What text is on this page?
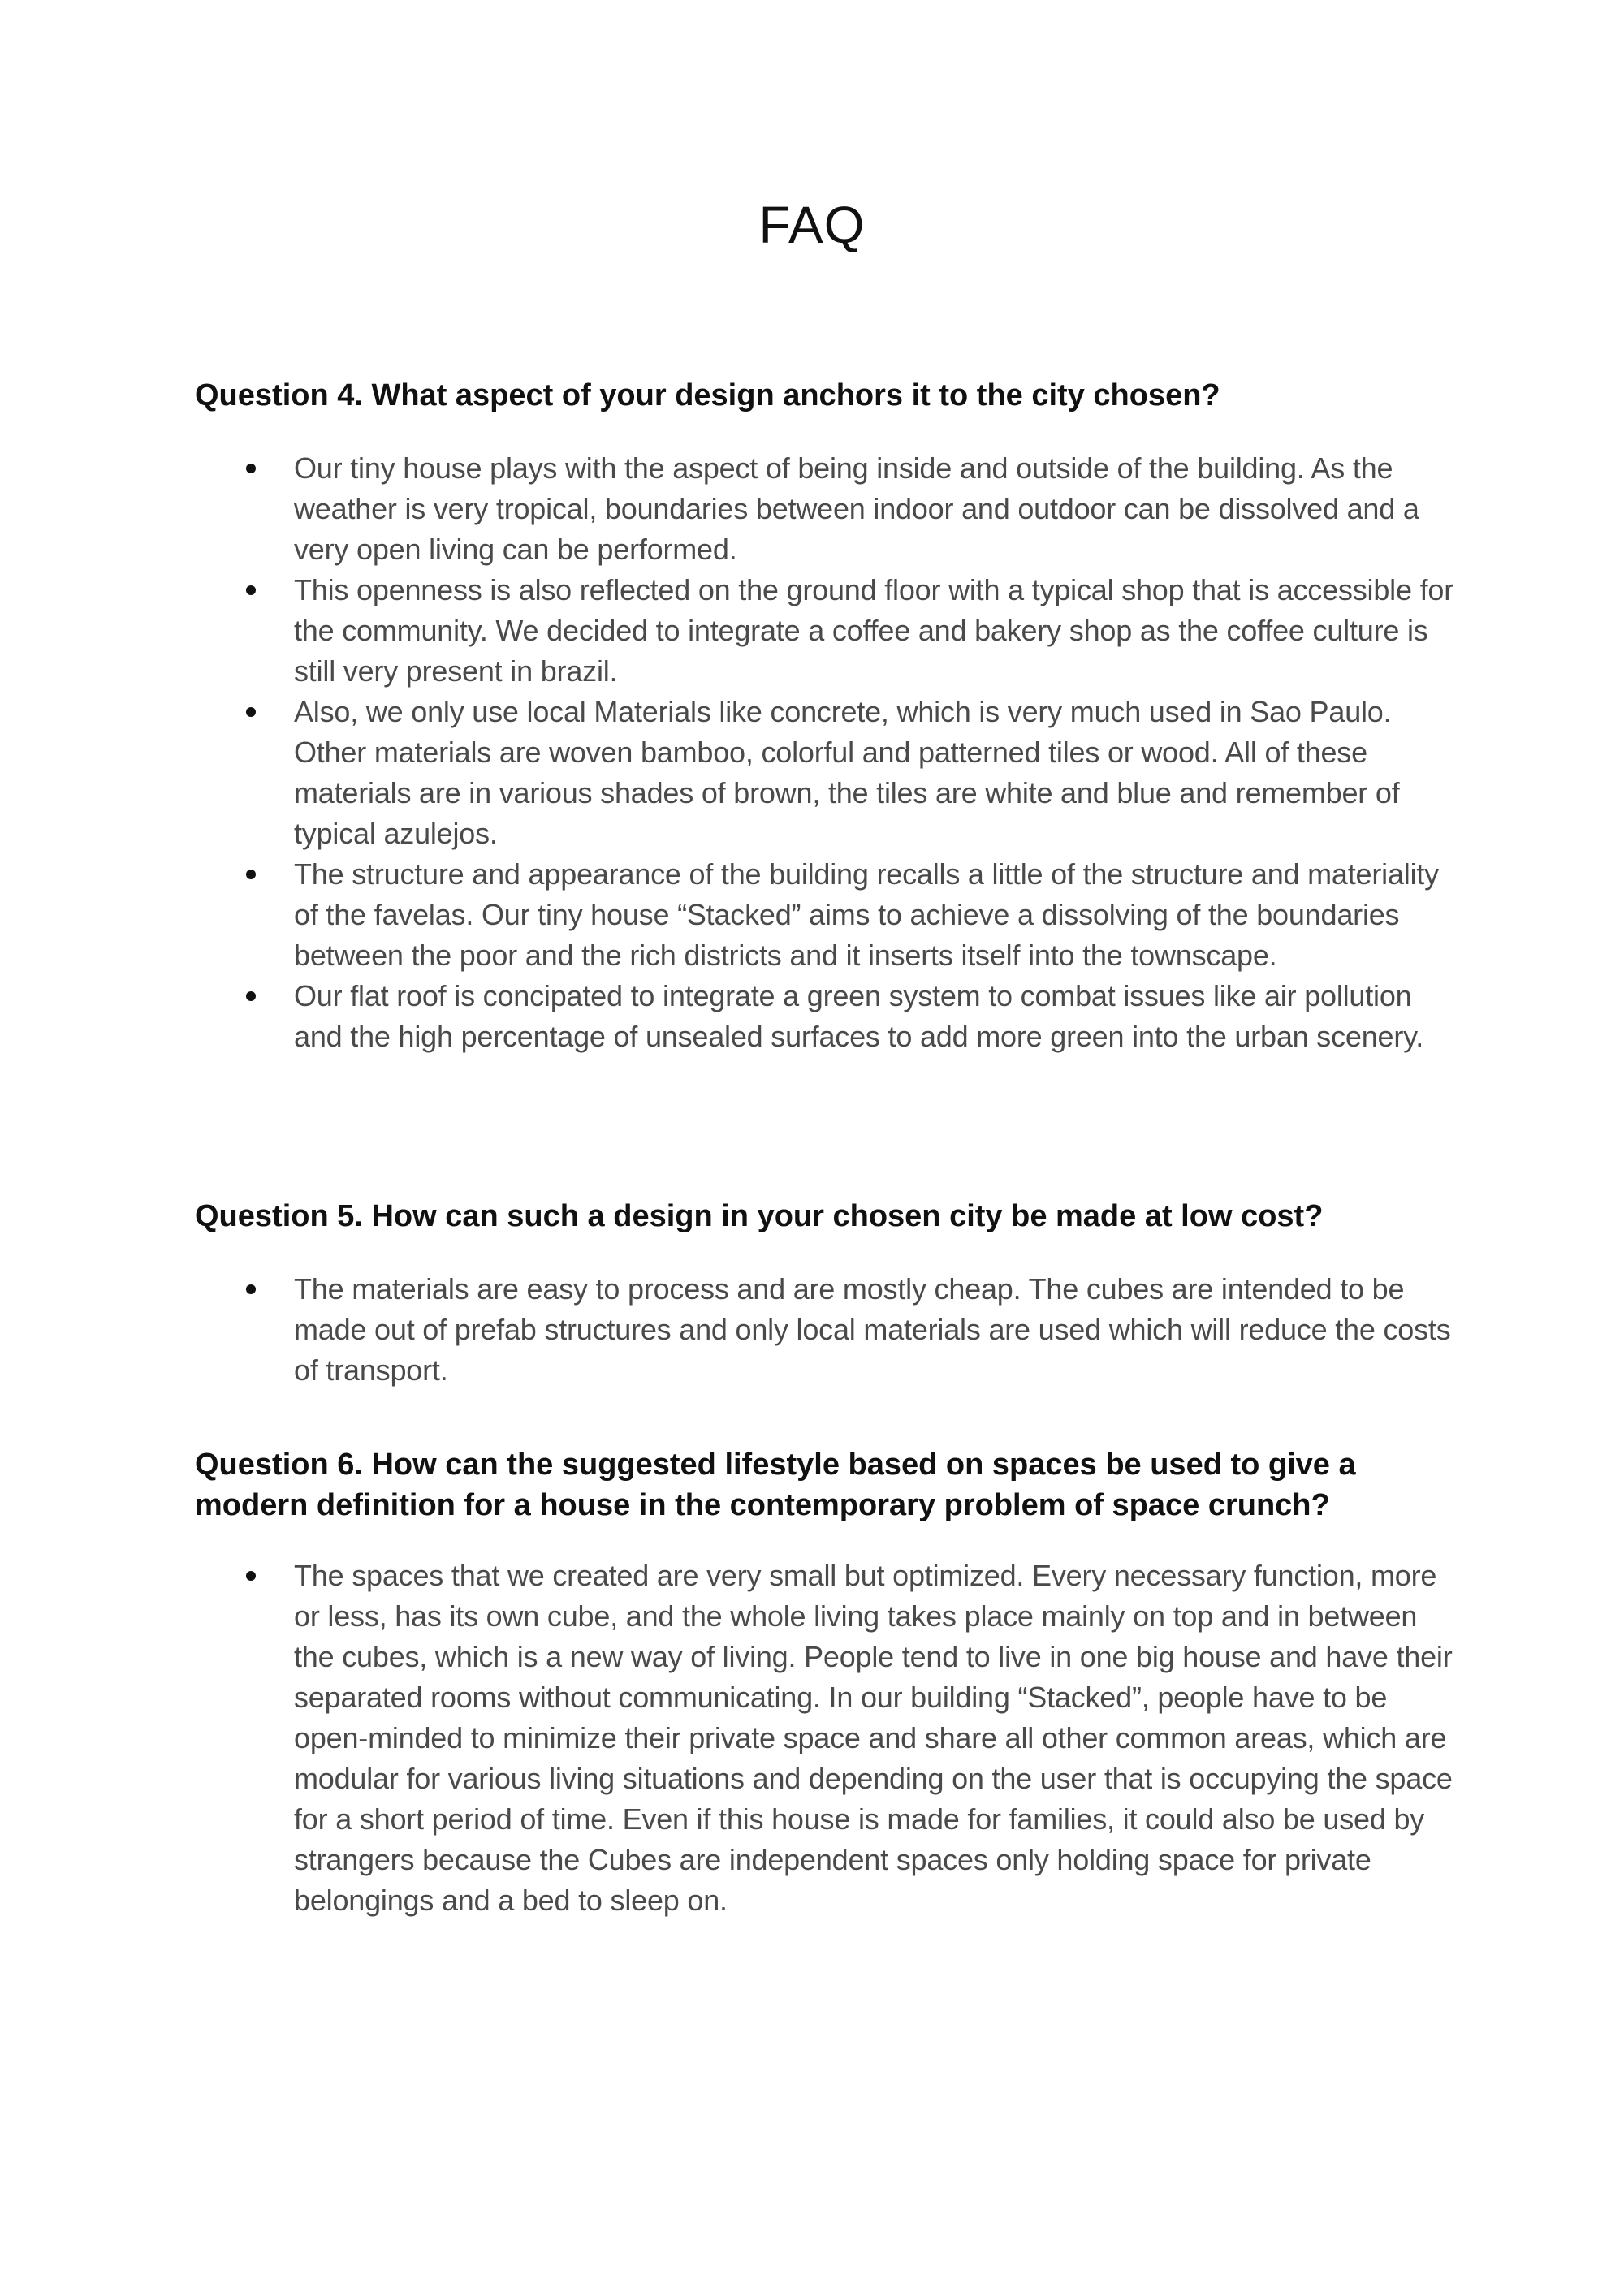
FAQ
Question 4. What aspect of your design anchors it to the city chosen?
Our tiny house plays with the aspect of being inside and outside of the building. As the weather is very tropical, boundaries between indoor and outdoor can be dissolved and a very open living can be performed.
This openness is also reflected on the ground floor with a typical shop that is accessible for the community. We decided to integrate a coffee and bakery shop as the coffee culture is still very present in brazil.
Also, we only use local Materials like concrete, which is very much used in Sao Paulo. Other materials are woven bamboo, colorful and patterned tiles or wood. All of these materials are in various shades of brown, the tiles are white and blue and remember of typical azulejos.
The structure and appearance of the building recalls a little of the structure and materiality of the favelas. Our tiny house “Stacked” aims to achieve a dissolving of the boundaries between the poor and the rich districts and it inserts itself into the townscape.
Our flat roof is concipated to integrate a green system to combat issues like air pollution and the high percentage of unsealed surfaces to add more green into the urban scenery.
Question 5. How can such a design in your chosen city be made at low cost?
The materials are easy to process and are mostly cheap. The cubes are intended to be made out of prefab structures and only local materials are used which will reduce the costs of transport.
Question 6. How can the suggested lifestyle based on spaces be used to give a modern definition for a house in the contemporary problem of space crunch?
The spaces that we created are very small but optimized. Every necessary function, more or less, has its own cube, and the whole living takes place mainly on top and in between the cubes, which is a new way of living. People tend to live in one big house and have their separated rooms without communicating. In our building “Stacked”, people have to be open-minded to minimize their private space and share all other common areas, which are modular for various living situations and depending on the user that is occupying the space for a short period of time. Even if this house is made for families, it could also be used by strangers because the Cubes are independent spaces only holding space for private belongings and a bed to sleep on.
